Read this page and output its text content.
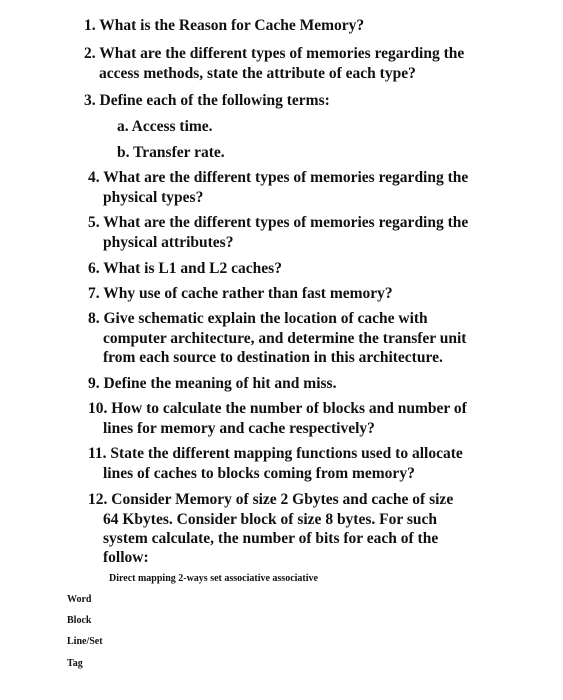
1. What is the Reason for Cache Memory?
2. What are the different types of memories regarding the
access methods, state the attribute of each type?
3. Define each of the following terms:
a. Access time.
b. Transfer rate.
4. What are the different types of memories regarding the
physical types?
5. What are the different types of memories regarding the
physical attributes?
6. What is L1 and L2 caches?
7. Why use of cache rather than fast memory?
8. Give schematic explain the location of cache with
computer architecture, and determine the transfer unit
from each source to destination in this architecture.
9. Define the meaning of hit and miss.
10. How to calculate the number of blocks and number of
lines for memory and cache respectively?
11. State the different mapping functions used to allocate
lines of caches to blocks coming from memory?
12. Consider Memory of size 2 Gbytes and cache of size
64 Kbytes. Consider block of size 8 bytes. For such
system calculate, the number of bits for each of the
follow:
Direct mapping 2-ways set associative associative
Word
Block
Line/Set
Tag
